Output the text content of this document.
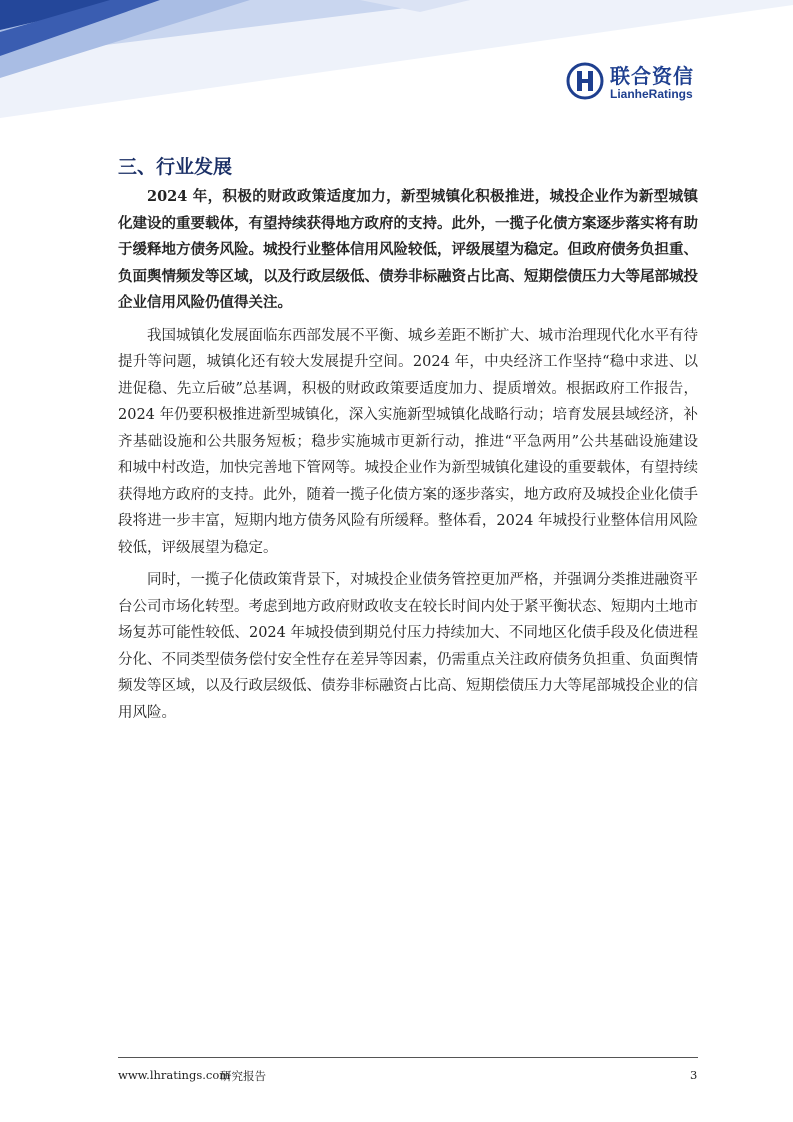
联合资信
LianheRatings
三、行业发展

2024 年，积极的财政政策适度加力，新型城镇化积极推进，城投企业作为新型城镇化建设的重要载体，有望持续获得地方政府的支持。此外，一揽子化债方案逐步落实将有助于缓释地方债务风险。城投行业整体信用风险较低，评级展望为稳定。但政府债务负担重、负面舆情频发等区域，以及行政层级低、债券非标融资占比高、短期偿债压力大等尾部城投企业信用风险仍值得关注。

我国城镇化发展面临东西部发展不平衡、城乡差距不断扩大、城市治理现代化水平有待提升等问题，城镇化还有较大发展提升空间。2024 年，中央经济工作坚持“稳中求进、以进促稳、先立后破”总基调，积极的财政政策要适度加力、提质增效。根据政府工作报告，2024 年仍要积极推进新型城镇化，深入实施新型城镇化战略行动；培育发展县域经济，补齐基础设施和公共服务短板；稳步实施城市更新行动，推进“平急两用”公共基础设施建设和城中村改造，加快完善地下管网等。城投企业作为新型城镇化建设的重要载体，有望持续获得地方政府的支持。此外，随着一揽子化债方案的逐步落实，地方政府及城投企业化债手段将进一步丰富，短期内地方债务风险有所缓释。整体看，2024 年城投行业整体信用风险较低，评级展望为稳定。

同时，一揽子化债政策背景下，对城投企业债务管控更加严格，并强调分类推进融资平台公司市场化转型。考虑到地方政府财政收支在较长时间内处于紧平衡状态、短期内土地市场复苏可能性较低、2024 年城投债到期兑付压力持续加大、不同地区化债手段及化债进程分化、不同类型债务偿付安全性存在差异等因素，仍需重点关注政府债务负担重、负面舆情频发等区域，以及行政层级低、债券非标融资占比高、短期偿债压力大等尾部城投企业的信用风险。

www.lhratings.com
研究报告	3
